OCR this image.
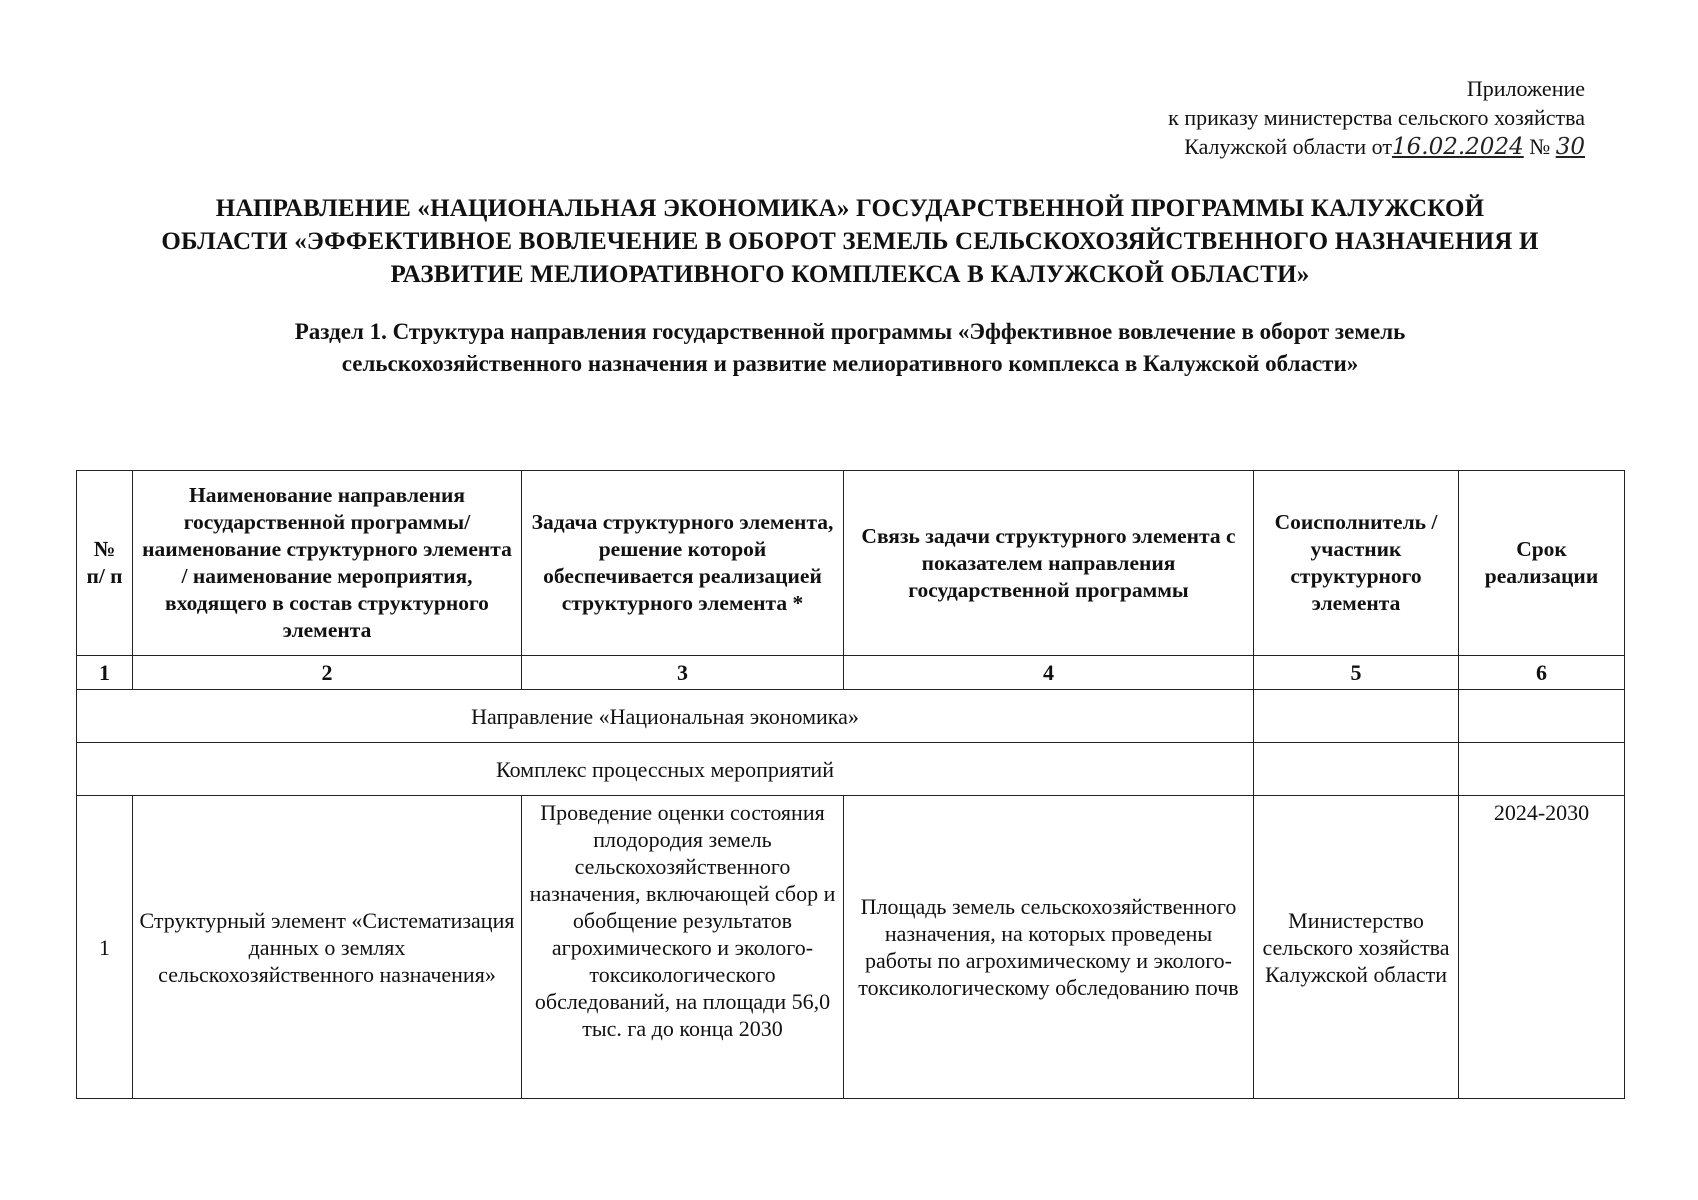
Приложение
к приказу министерства сельского хозяйства
Калужской области от16.02.2024 № 30
НАПРАВЛЕНИЕ «НАЦИОНАЛЬНАЯ ЭКОНОМИКА» ГОСУДАРСТВЕННОЙ ПРОГРАММЫ КАЛУЖСКОЙ
ОБЛАСТИ «ЭФФЕКТИВНОЕ ВОВЛЕЧЕНИЕ В ОБОРОТ ЗЕМЕЛЬ СЕЛЬСКОХОЗЯЙСТВЕННОГО НАЗНАЧЕНИЯ И
РАЗВИТИЕ МЕЛИОРАТИВНОГО КОМПЛЕКСА В КАЛУЖСКОЙ ОБЛАСТИ»
Раздел 1. Структура направления государственной программы «Эффективное вовлечение в оборот земель
сельскохозяйственного назначения и развитие мелиоративного комплекса в Калужской области»
№ п/ п	Наименование направления государственной программы/ наименование структурного элемента / наименование мероприятия, входящего в состав структурного элемента	Задача структурного элемента, решение которой обеспечивается реализацией структурного элемента *	Связь задачи структурного элемента с показателем направления государственной программы	Соисполнитель / участник структурного элемента	Срок реализации
1	2	3	4	5	6
Направление «Национальная экономика»					
Комплекс процессных мероприятий					
1	Структурный элемент «Систематизация данных о землях сельскохозяйственного назначения»	Проведение оценки состояния плодородия земель сельскохозяйственного назначения, включающей сбор и обобщение результатов агрохимического и эколого-токсикологического обследований, на площади 56,0 тыс. га до конца 2030	Площадь земель сельскохозяйственного назначения, на которых проведены работы по агрохимическому и эколого-токсикологическому обследованию почв	Министерство сельского хозяйства Калужской области	2024-2030
